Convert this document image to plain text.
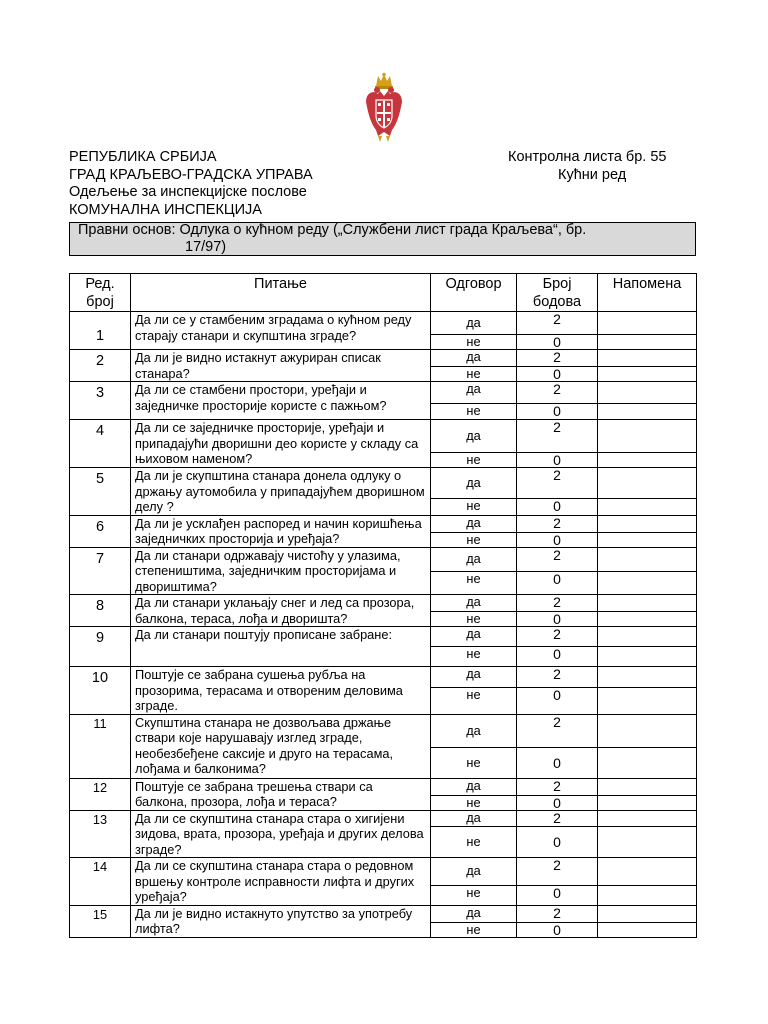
РЕПУБЛИКА СРБИЈА
ГРАД КРАЉЕВО-ГРАДСКА УПРАВА
Одељење за инспекцијске послове
КОМУНАЛНА ИНСПЕКЦИЈА
Контролна листа бр. 55
Кућни ред
Правни основ: Одлука о кућном реду („Службени лист града Краљева“, бр.
17/97)
Ред.
број	Питање	Одговор	Број
бодова	Напомена
1	Да ли се у стамбеним зградама о кућном реду старају станари и скупштина зграде?	да	2	
		не	0	
2	Да ли је видно истакнут ажуриран списак станара?	да	2	
		не	0	
3	Да ли се стамбени простори, уређаји и заједничке просторије користе с пажњом?	да	2	
		не	0	
4	Да ли се заједничке просторије, уређаји и припадајући дворишни део користе у складу са њиховом наменом?	да	2	
		не	0	
5	Да ли је скупштина станара донела одлуку о држању аутомобила у припадајућем дворишном делу ?	да	2	
		не	0	
6	Да ли је усклађен распоред и начин коришћења заједничких просторија и уређаја?	да	2	
		не	0	
7	Да ли станари одржавају чистоћу у улазима, степеништима, заједничким просторијама и двориштима?	да	2	
		не	0	
8	Да ли станари уклањају снег и лед са прозора, балкона, тераса, лођа и дворишта?	да	2	
		не	0	
9	Да ли станари поштују прописане забране:	да	2	
		не	0	
10	Поштује се забрана сушења рубља на прозорима, терасама и отвореним деловима зграде.	да	2	
		не	0	
11	Скупштина станара не дозвољава држање ствари које нарушавају изглед зграде, необезбеђене саксије и друго на терасама, лођама и балконима?	да	2	
		не	0	
12	Поштује се забрана трешења ствари са балкона, прозора, лођа и тераса?	да	2	
		не	0	
13	Да ли се скупштина станара стара о хигијени зидова, врата, прозора, уређаја и других делова зграде?	да	2	
		не	0	
14	Да ли се скупштина станара стара о редовном вршењу контроле исправности лифта и других уређаја?	да	2	
		не	0	
15	Да ли је видно истакнуто упутство за употребу лифта?	да	2	
		не	0	
